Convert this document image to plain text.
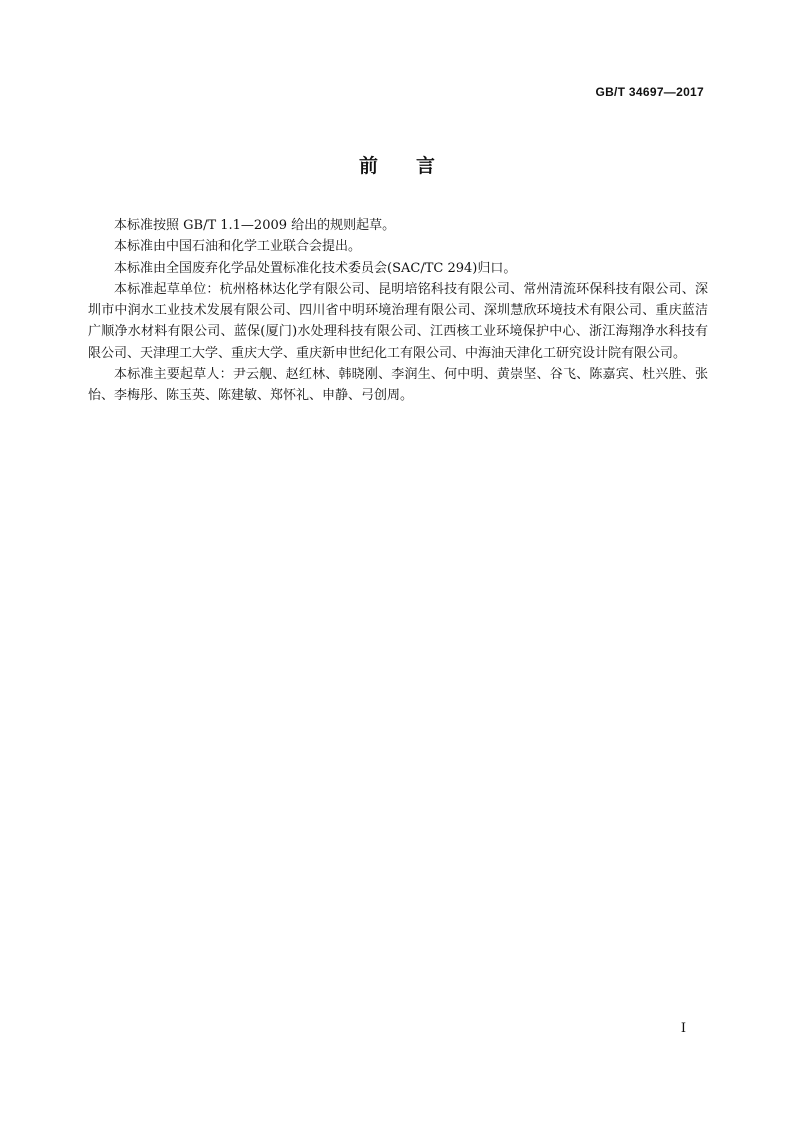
GB/T 34697—2017
前 言

本标准按照 GB/T 1.1—2009 给出的规则起草。

本标准由中国石油和化学工业联合会提出。

本标准由全国废弃化学品处置标准化技术委员会(SAC/TC 294)归口。

本标准起草单位：杭州格林达化学有限公司、昆明培铭科技有限公司、常州清流环保科技有限公司、深圳市中润水工业技术发展有限公司、四川省中明环境治理有限公司、深圳慧欣环境技术有限公司、重庆蓝洁广顺净水材料有限公司、蓝保(厦门)水处理科技有限公司、江西核工业环境保护中心、浙江海翔净水科技有限公司、天津理工大学、重庆大学、重庆新申世纪化工有限公司、中海油天津化工研究设计院有限公司。

本标准主要起草人：尹云舰、赵红林、韩晓刚、李润生、何中明、黄崇坚、谷飞、陈嘉宾、杜兴胜、张怡、李梅彤、陈玉英、陈建敏、郑怀礼、申静、弓创周。

I
